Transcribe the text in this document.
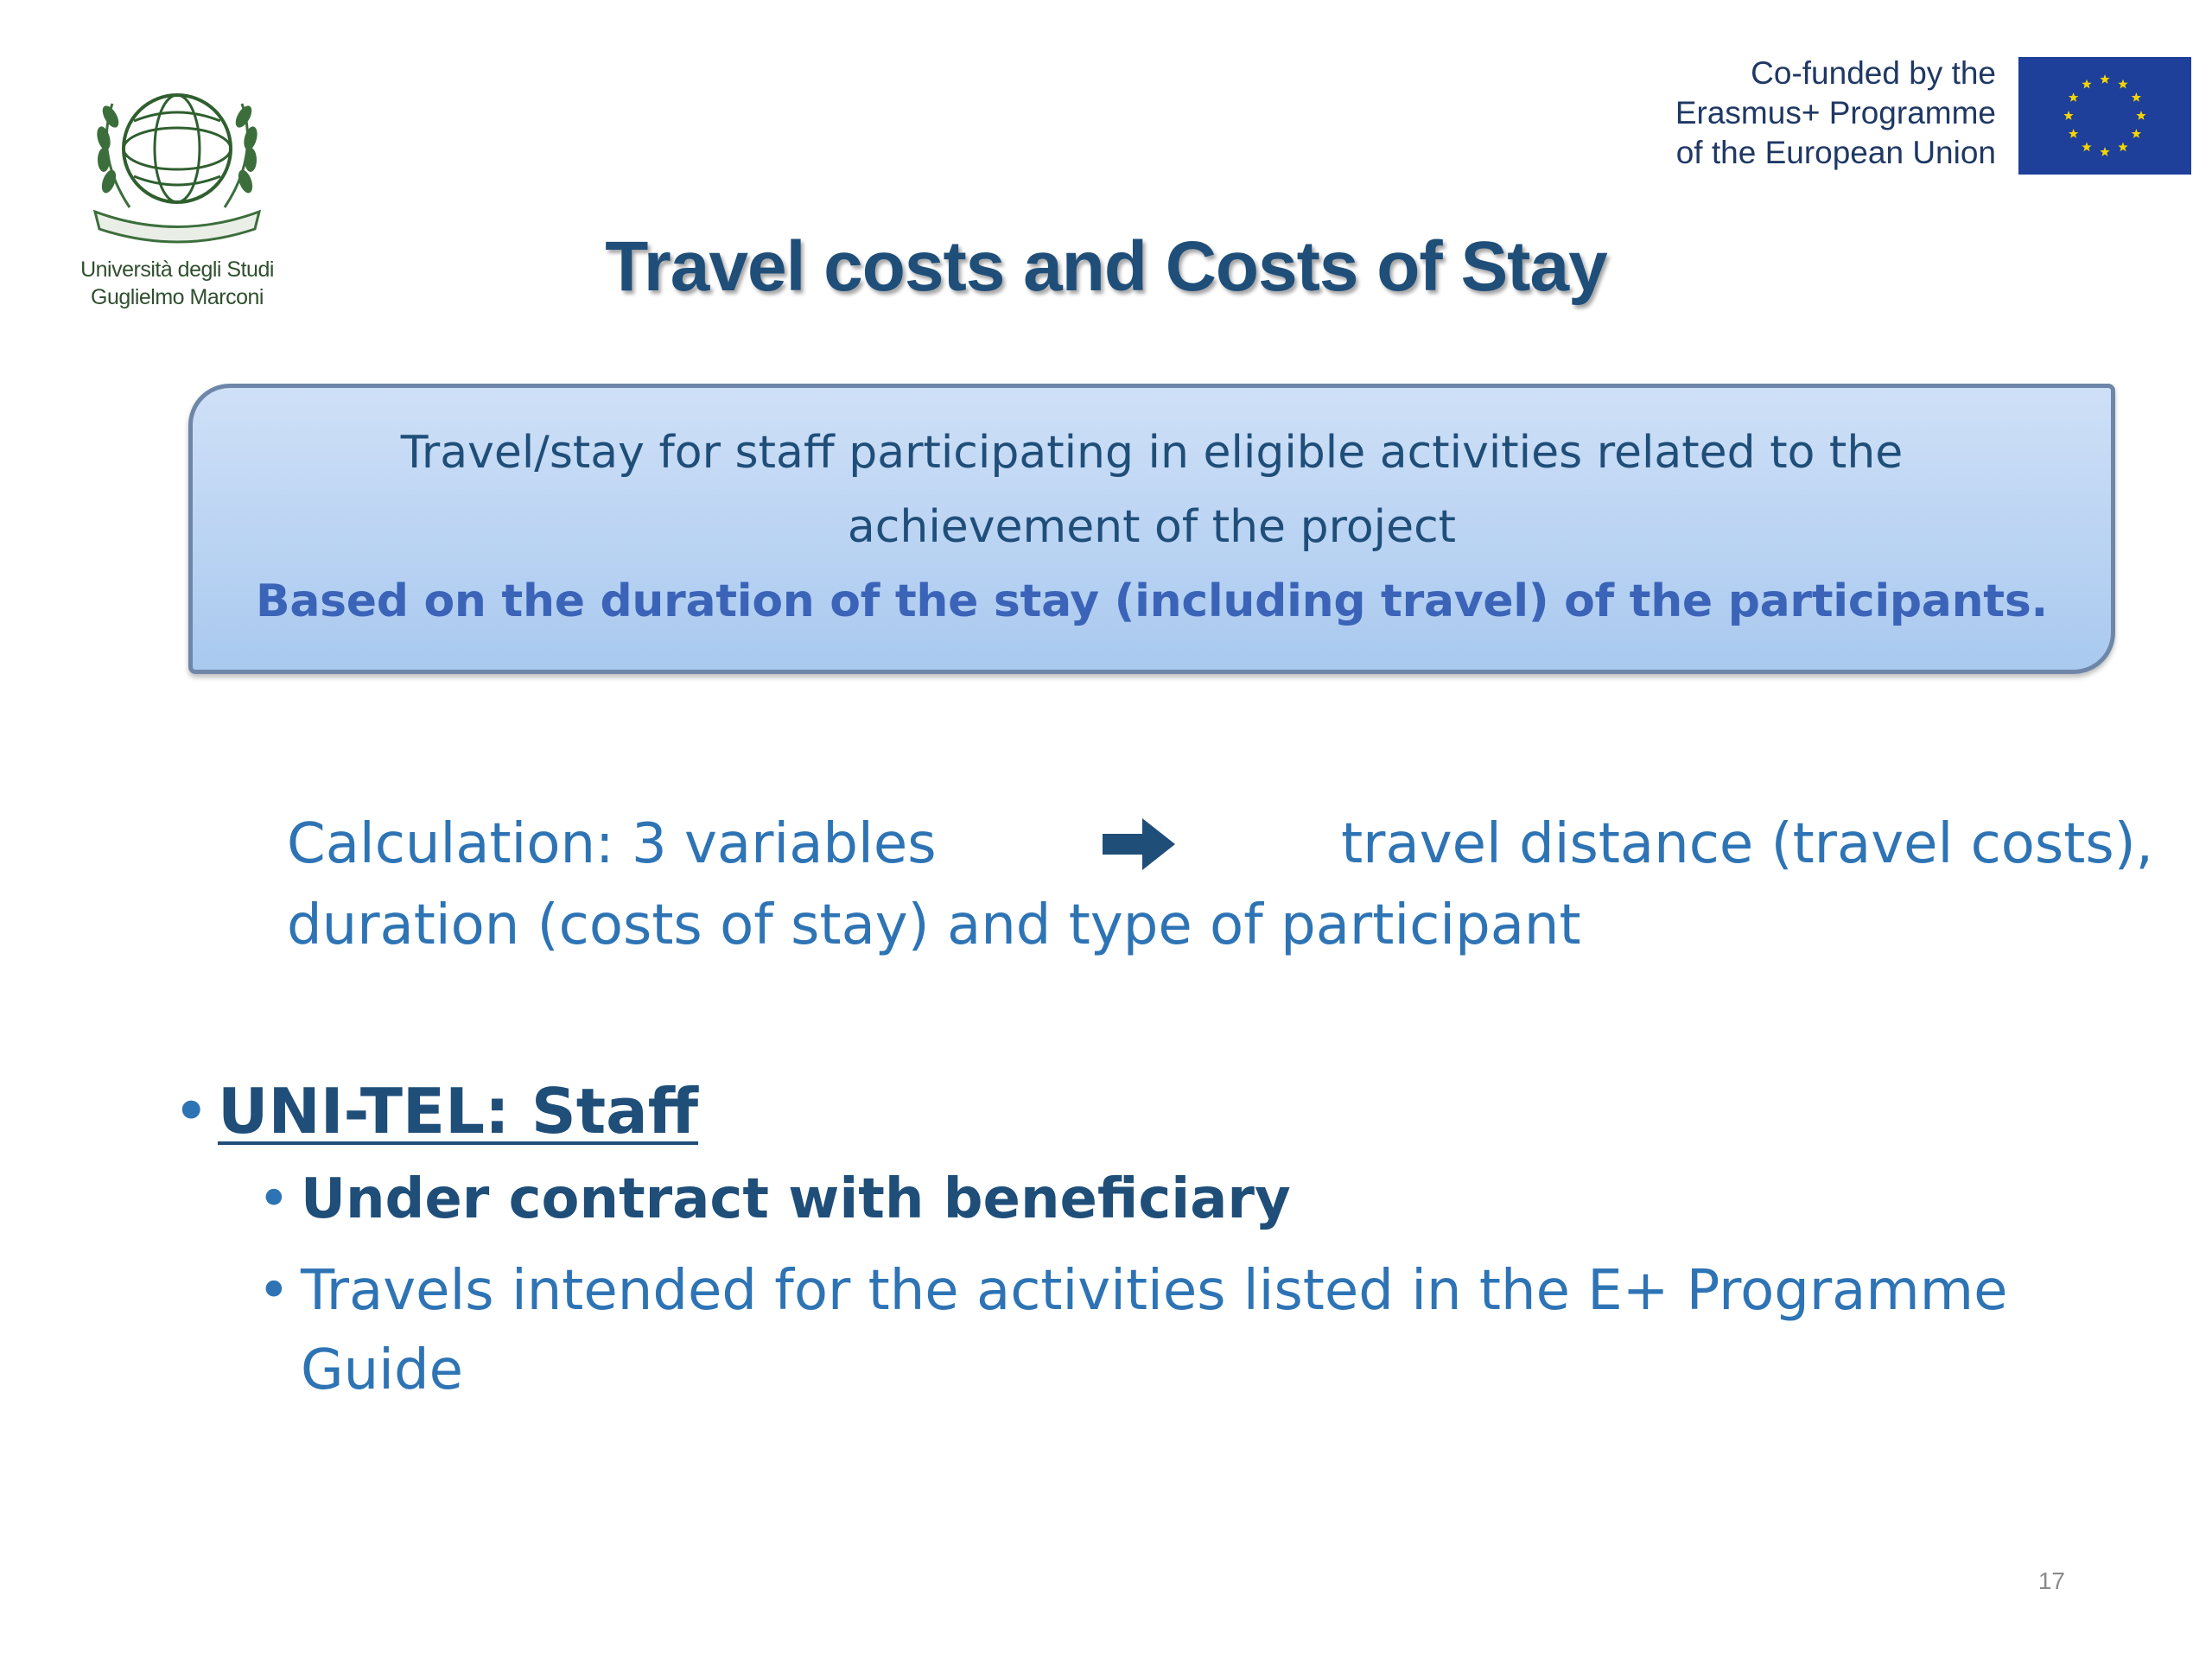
Università degli Studi
Guglielmo Marconi
Co-funded by the
Erasmus+ Programme
of the European Union
Travel costs and Costs of Stay
Travel/stay for staff participating in eligible activities related to the
achievement of the project
Based on the duration of the stay (including travel) of the participants.
Calculation: 3 variables	travel distance (travel costs),
duration (costs of stay) and type of participant
• UNI-TEL: Staff
• Under contract with beneficiary
• Travels intended for the activities listed in the E+ Programme Guide
17
